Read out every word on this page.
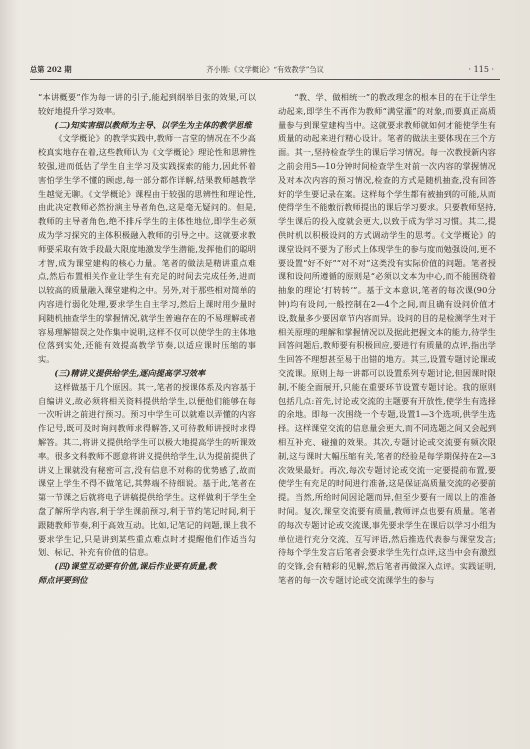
总第 202 期	齐小刚:《文学概论》“有效教学”刍议	· 115 ·

“本讲概要”作为每一讲的引子,能起到纲举目张的效果,可以较好地提升学习效率。

(二)知实害细以教师为主导、以学生为主体的教学思维

《文学概论》的教学实践中,教师一言堂的情况在不少高校真实地存在着,这些教师认为《文学概论》理论性和思辨性较强,进而低估了学生自主学习及实践探索的能力,因此怀着害怕学生学不懂的顾虑,每一部分都作详解,结果教师越教学生越觉无聊。《文学概论》课程由于较强的思辨性和理论性,由此决定教师必然扮演主导者角色,这是毫无疑问的。但是,教师的主导者角色,绝不排斥学生的主体性地位,即学生必须成为学习探究的主体积极融入教师的引导之中。这就要求教师要采取有效手段最大限度地激发学生潜能,发挥他们的聪明才智,成为课堂建构的核心力量。笔者的做法是精讲重点难点,然后布置相关作业让学生有充足的时间去完成任务,进而以较高的质量融入课堂建构之中。另外,对于那些相对简单的内容进行弱化处理,要求学生自主学习,然后上课时用少量时间随机抽查学生的掌握情况,就学生普遍存在的不易理解或者容易理解错误之处作集中说明,这样不仅可以使学生的主体地位落到实处,还能有效提高教学节奏,以适应课时压缩的事实。

(三)精讲义提供给学生,逐向提高学习效率

这样做基于几个原因。其一,笔者的授课体系及内容基于自编讲义,故必须将相关资料提供给学生,以便他们能够在每一次听讲之前进行预习。预习中学生可以就难以弄懂的内容作记号,既可及时询问教师求得解答,又可待教师讲授时求得解答。其二,将讲义提供给学生可以极大地提高学生的听课效率。很多文科教师不愿意将讲义提供给学生,认为提前提供了讲义上课就没有秘密可言,没有信息不对称的优势感了,故而课堂上学生不得不做笔记,其弊端不待细说。基于此,笔者在第一节课之后就将电子讲稿提供给学生。这样做利于学生全盘了解所学内容,利于学生课前预习,利于节约笔记时间,利于跟随教师节奏,利于高效互动。比如,记笔记的问题,课上我不要求学生记,只是讲到某些重点难点时才提醒他们作适当勾划、标记、补充有价值的信息。

(四)课堂互动要有价值,课后作业要有质量,教

师点评要到位

“教、学、做相统一”的教改理念的根本目的在于让学生动起来,即学生不再作为教师“满堂灌”的对象,而要真正高质量参与到课堂建构当中。这就要求教师就如何才能使学生有质量的动起来进行精心设计。笔者的做法主要体现在三个方面。其一,坚持检查学生的课后学习情况。每一次教授新内容之前会用5—10分钟时间检查学生对前一次内容的掌握情况及对本次内容的预习情况,检查的方式是随机抽查,没有回答好的学生要记录在案。这样每个学生都有被抽到的可能,从而使得学生不能敷衍教师提出的课后学习要求。只要教师坚持,学生课后的投入度就会更大,以致于成为学习习惯。其二,提供时机以积极设问的方式调动学生的思考。《文学概论》的课堂设问不要为了形式上体现学生的参与度而勉强设问,更不要设置“好不好”“对不对”这类没有实际价值的问题。笔者授课和设问所遵循的原则是“必须以文本为中心,而不能围绕着抽象的理论‘打转转’”。基于文本意识,笔者的每次课(90分钟)均有设问,一般控制在2—4个之间,而且确有设问价值才设,数量多少要因章节内容而异。设问的目的是检测学生对于相关原理的理解和掌握情况以及据此把握文本的能力,待学生回答问题后,教师要有积极回应,要进行有质量的点评,指出学生回答不理想甚至易于出错的地方。其三,设置专题讨论课或交流课。原则上每一讲都可以设置系列专题讨论,但因课时限制,不能全面展开,只能在重要环节设置专题讨论。我的原则包括几点:首先,讨论或交流的主题要有开放性,使学生有选择的余地。即每一次围绕一个专题,设置1—3个选项,供学生选择。这样课堂交流的信息量会更大,而不同选题之间又会起到相互补充、碰撞的效果。其次,专题讨论或交流要有频次限制,这与课时大幅压缩有关,笔者的经验是每学期保持在2—3次效果最好。再次,每次专题讨论或交流一定要提前布置,要使学生有充足的时间进行准备,这是保证高质量交流的必要前提。当然,所给时间因论题而异,但至少要有一周以上的准备时间。复次,课堂交流要有质量,教师评点也要有质量。笔者的每次专题讨论或交流课,事先要求学生在课后以学习小组为单位进行充分交流、互写评语,然后推选代表参与课堂发言;待每个学生发言后笔者会要求学生先行点评,这当中会有激烈的交锋,会有精彩的见解,然后笔者再做深入点评。实践证明,笔者的每一次专题讨论或交流课学生的参与
